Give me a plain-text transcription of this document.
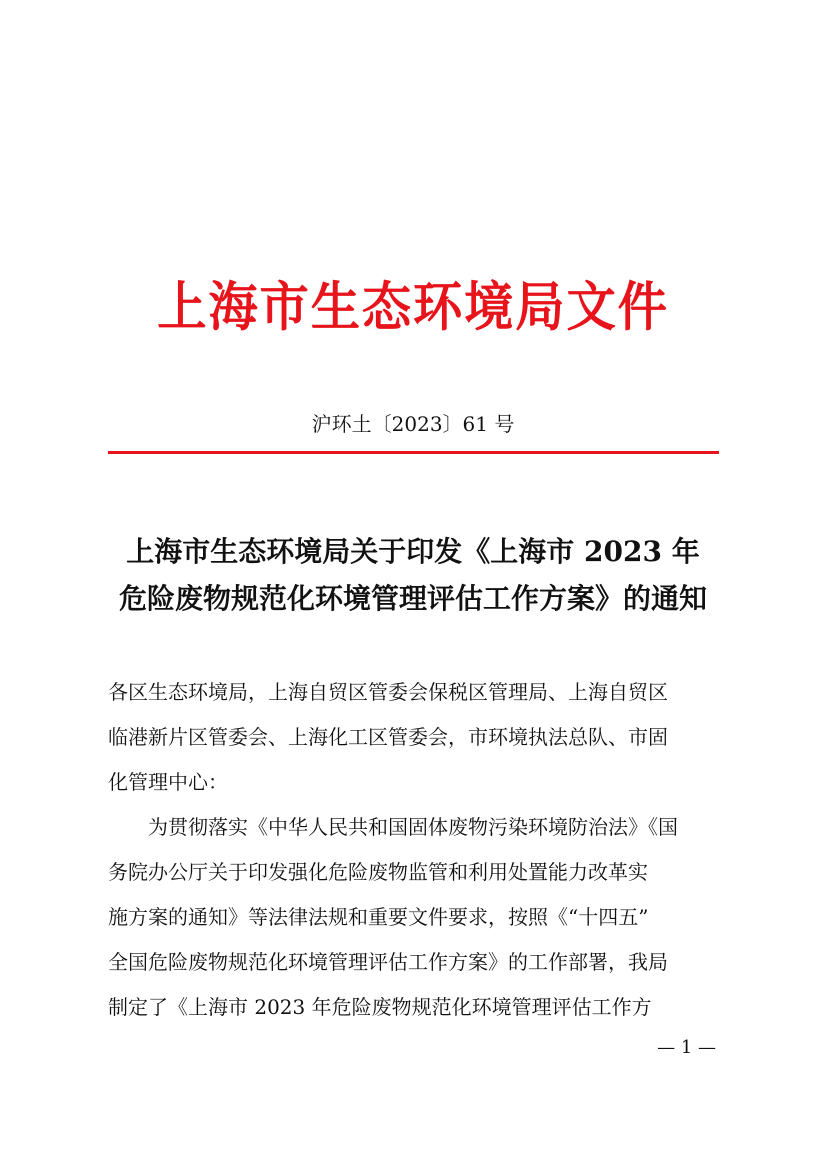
上海市生态环境局文件
沪环土〔2023〕61 号
上海市生态环境局关于印发《上海市 2023 年
危险废物规范化环境管理评估工作方案》的通知
各区生态环境局，上海自贸区管委会保税区管理局、上海自贸区
临港新片区管委会、上海化工区管委会，市环境执法总队、市固
化管理中心：
为贯彻落实《中华人民共和国固体废物污染环境防治法》《国
务院办公厅关于印发强化危险废物监管和利用处置能力改革实
施方案的通知》等法律法规和重要文件要求，按照《“十四五”
全国危险废物规范化环境管理评估工作方案》的工作部署，我局
制定了《上海市 2023 年危险废物规范化环境管理评估工作方
— 1 —
